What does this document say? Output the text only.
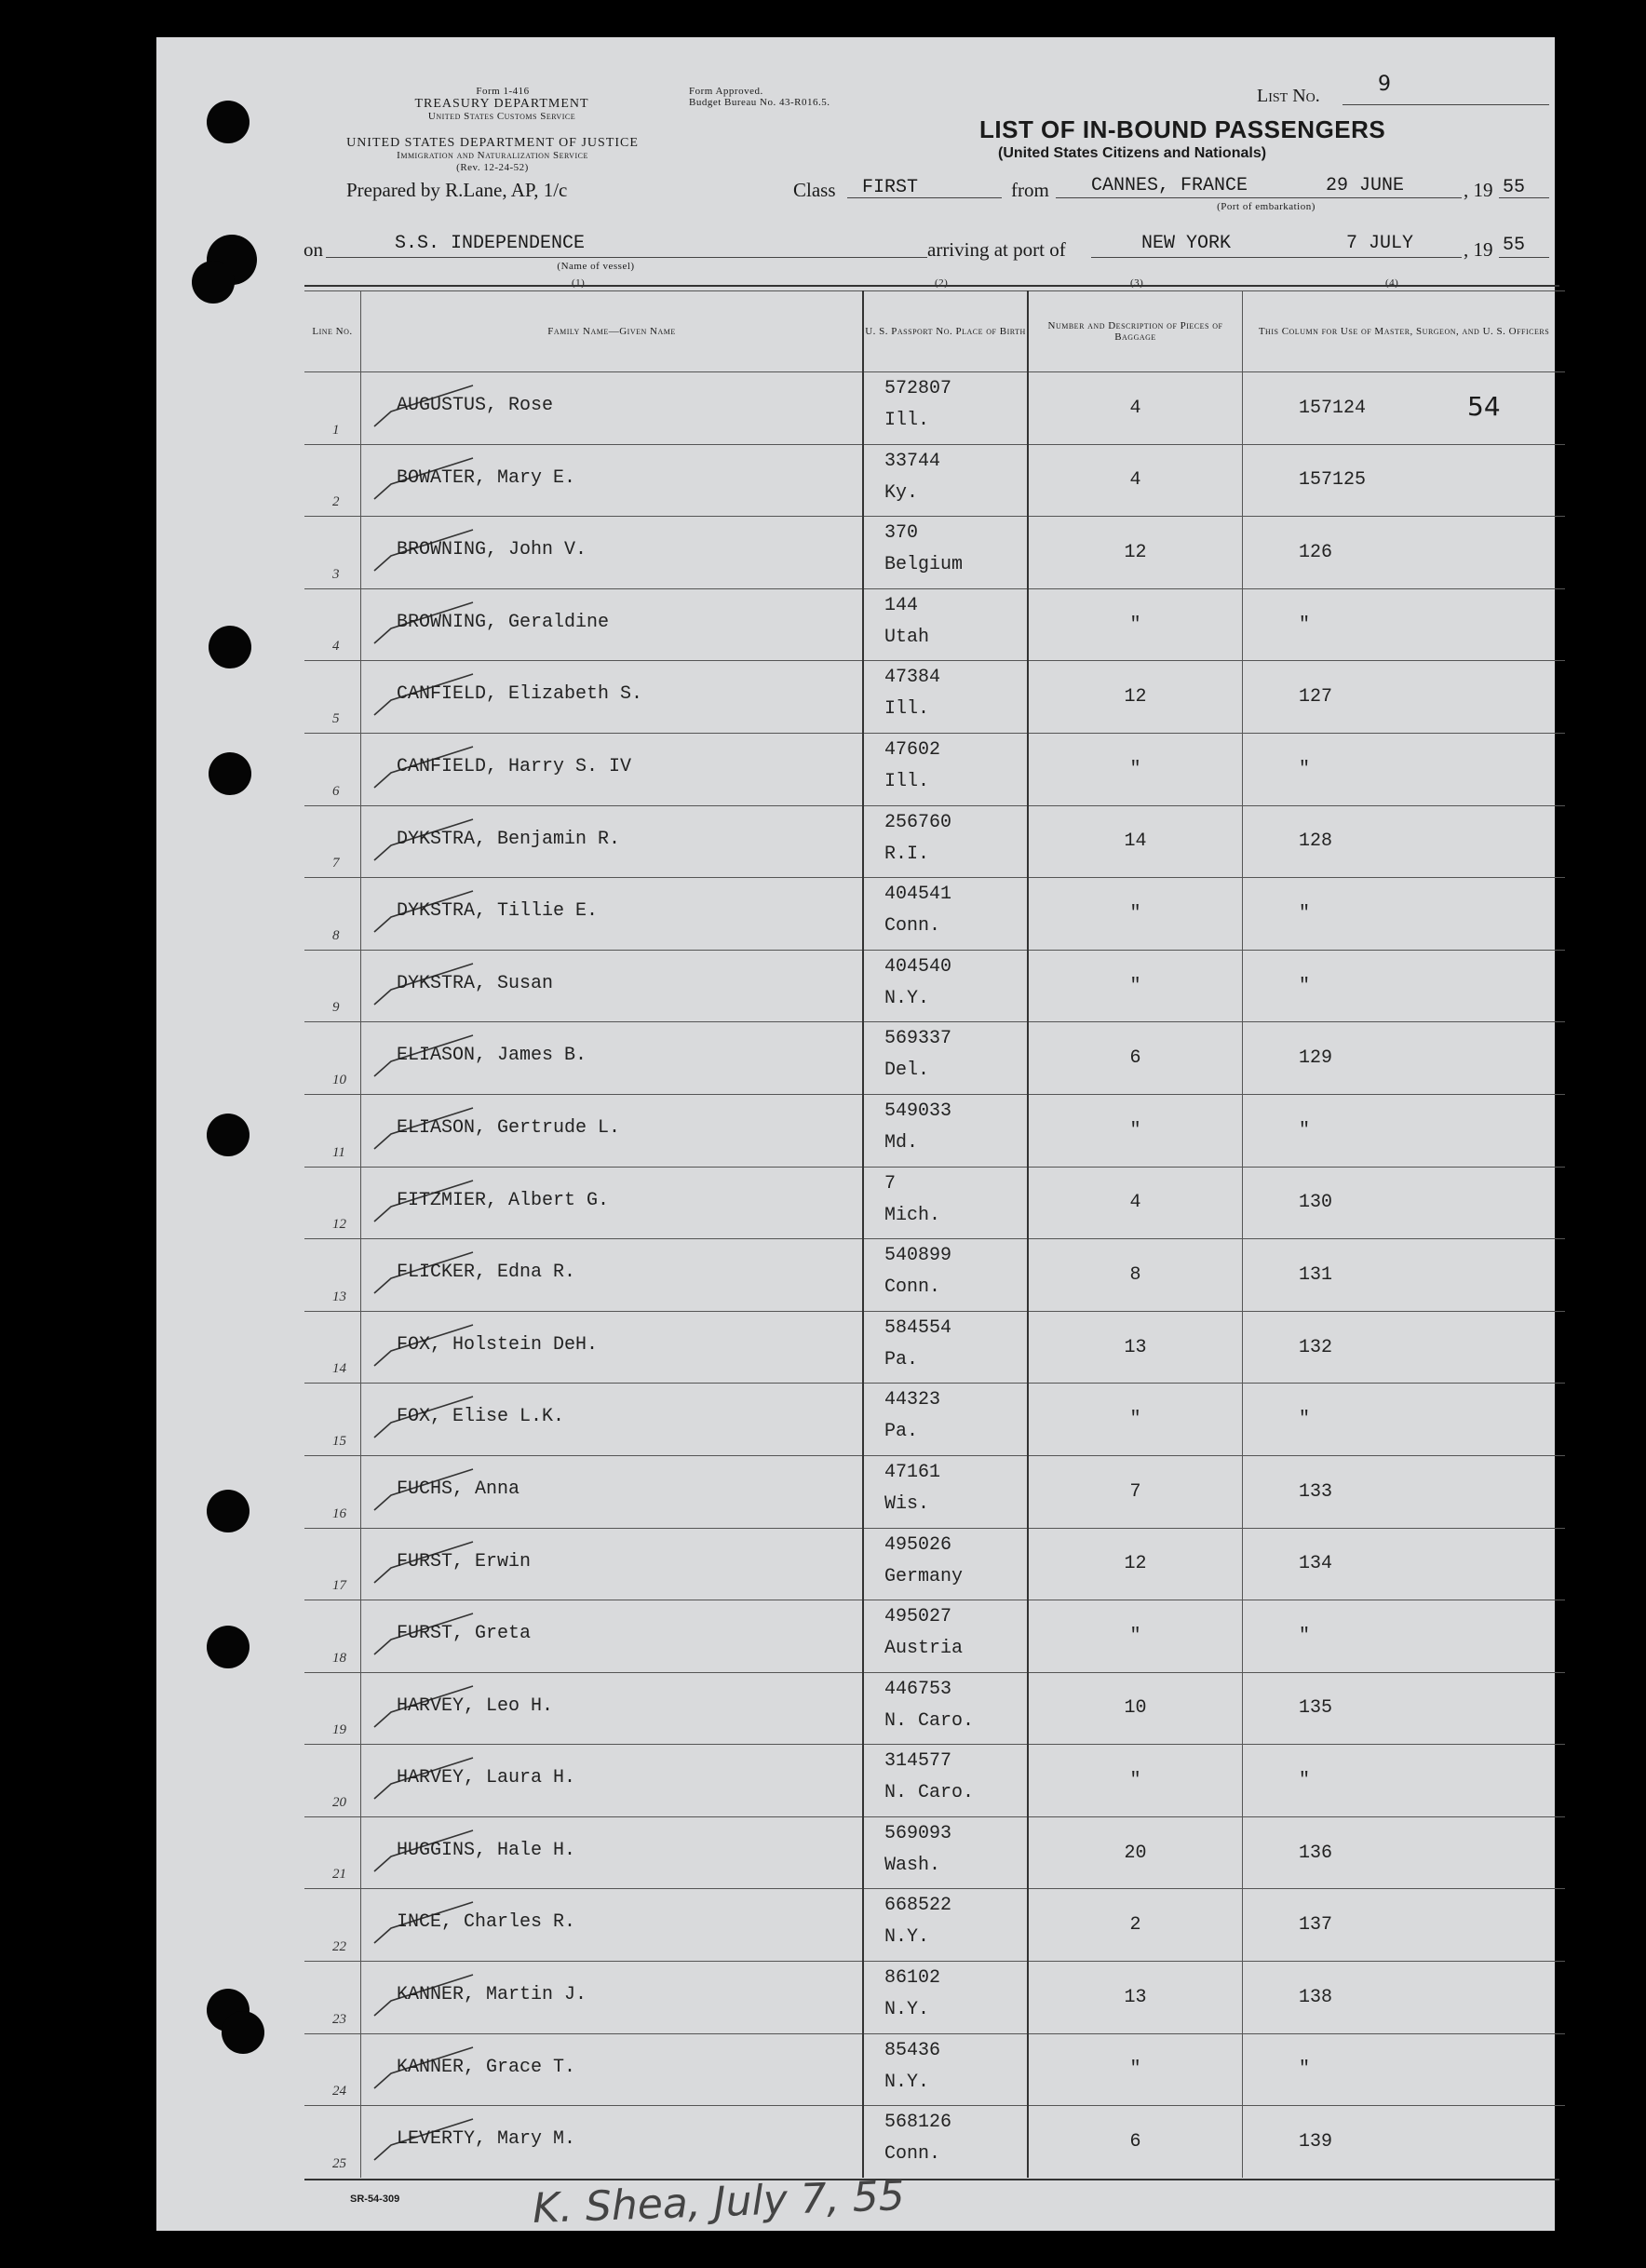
Form 1-416
TREASURY DEPARTMENT
United States Customs Service
UNITED STATES DEPARTMENT OF JUSTICE
Immigration and Naturalization Service
(Rev. 12-24-52)
Form Approved.
Budget Bureau No. 43-R016.5.	List No.	9
LIST OF IN-BOUND PASSENGERS
(United States Citizens and Nationals)
Prepared by R.Lane, AP, 1/c	Class FIRST	from CANNES, FRANCE	29 JUNE	, 19 55
(Port of embarkation)
on	S.S. INDEPENDENCE
(Name of vessel)
arriving at port of	NEW YORK	7 JULY	, 19 55
(1)	(2)	(3)	(4)
Line No.	Family Name—Given Name	U. S. Passport No. Place of Birth	Number and Description of Pieces of Baggage	This Column for Use of Master, Surgeon, and U. S. Officers

1	AUGUSTUS, Rose	572807
Ill.	4	157124

2	BOWATER, Mary E.	33744
Ky.	4	157125

3	BROWNING, John V.	370
Belgium	12	126

4	BROWNING, Geraldine	144
Utah	"	"

5	CANFIELD, Elizabeth S.	47384
Ill.	12	127

6	CANFIELD, Harry S. IV	47602
Ill.	"	"

7	DYKSTRA, Benjamin R.	256760
R.I.	14	128

8	DYKSTRA, Tillie E.	404541
Conn.	"	"

9	DYKSTRA, Susan	404540
N.Y.	"	"

10	ELIASON, James B.	569337
Del.	6	129

11	ELIASON, Gertrude L.	549033
Md.	"	"

12	FITZMIER, Albert G.	7
Mich.	4	130

13	FLICKER, Edna R.	540899
Conn.	8	131

14	FOX, Holstein DeH.	584554
Pa.	13	132

15	FOX, Elise L.K.	44323
Pa.	"	"

16	FUCHS, Anna	47161
Wis.	7	133

17	FURST, Erwin	495026
Germany	12	134

18	FURST, Greta	495027
Austria	"	"

19	HARVEY, Leo H.	446753
N. Caro.	10	135

20	HARVEY, Laura H.	314577
N. Caro.	"	"

21	HUGGINS, Hale H.	569093
Wash.	20	136

22	INCE, Charles R.	668522
N.Y.	2	137

23	KANNER, Martin J.	86102
N.Y.	13	138

24	KANNER, Grace T.	85436
N.Y.	"	"

25	LEVERTY, Mary M.	568126
Conn.	6	139
54
SR-54-309	K. Shea, July 7, 55
